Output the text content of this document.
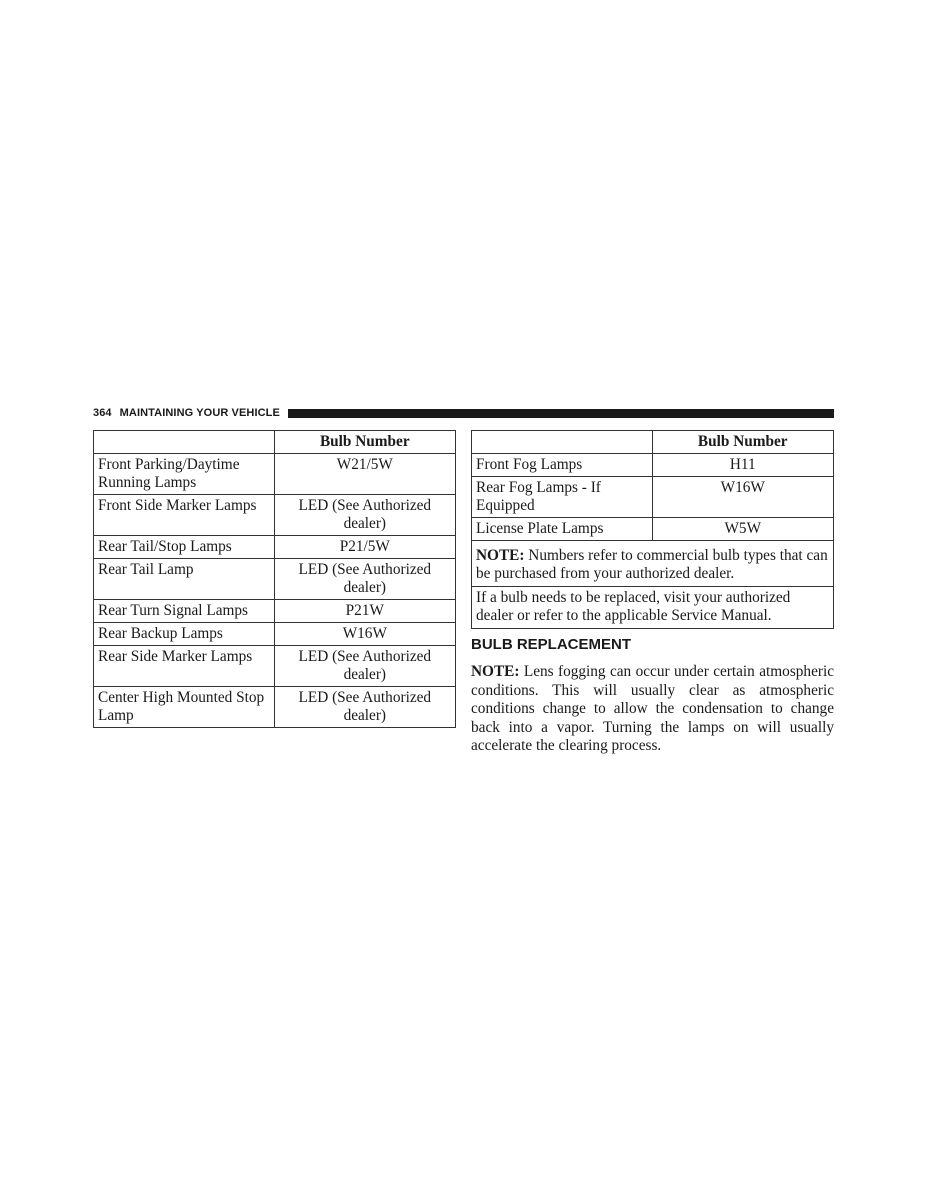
364 MAINTAINING YOUR VEHICLE
	Bulb Number
Front Parking/Daytime Running Lamps	W21/5W
Front Side Marker Lamps	LED (See Authorized dealer)
Rear Tail/Stop Lamps	P21/5W
Rear Tail Lamp	LED (See Authorized dealer)
Rear Turn Signal Lamps	P21W
Rear Backup Lamps	W16W
Rear Side Marker Lamps	LED (See Authorized dealer)
Center High Mounted Stop Lamp	LED (See Authorized dealer)
	Bulb Number
Front Fog Lamps	H11
Rear Fog Lamps - If Equipped	W16W
License Plate Lamps	W5W
NOTE: Numbers refer to commercial bulb types that can be purchased from your authorized dealer.	
If a bulb needs to be replaced, visit your authorized dealer or refer to the applicable Service Manual.	
BULB REPLACEMENT

NOTE: Lens fogging can occur under certain atmospheric conditions. This will usually clear as atmospheric conditions change to allow the condensation to change back into a vapor. Turning the lamps on will usually accelerate the clearing process.
